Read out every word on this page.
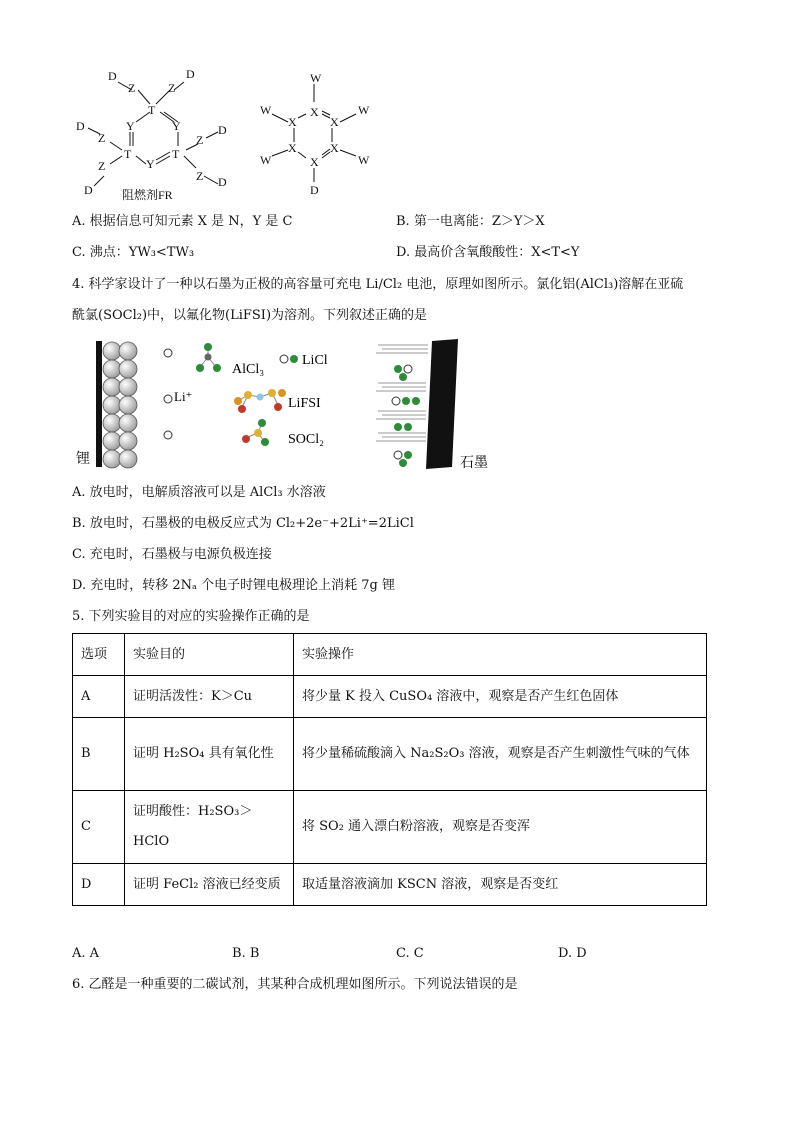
D
Z
D
Z
T
Y	Y
D
Z
T
Y
T
Z
D
Z
D
Z D
阻燃剂FR
W
X
X	X
X	X
X
W	W
W	W
D
A. 根据信息可知元素 X 是 N，Y 是 C	B. 第一电离能：Z＞Y＞X
C. 沸点：YW₃<TW₃	D. 最高价含氧酸酸性：X<T<Y
4. 科学家设计了一种以石墨为正极的高容量可充电 Li/Cl₂ 电池，原理如图所示。氯化铝(AlCl₃)溶解在亚硫
酰氯(SOCl₂)中，以氟化物(LiFSI)为溶剂。下列叙述正确的是
锂
Li⁺
AlCl₃
LiCl
LiFSI
SOCl₂
石墨
A. 放电时，电解质溶液可以是 AlCl₃ 水溶液
B. 放电时，石墨极的电极反应式为 Cl₂+2e⁻+2Li⁺=2LiCl
C. 充电时，石墨极与电源负极连接
D. 充电时，转移 2Nₐ 个电子时锂电极理论上消耗 7g 锂
5. 下列实验目的对应的实验操作正确的是
选项	实验目的	实验操作
A	证明活泼性：K＞Cu	将少量 K 投入 CuSO₄ 溶液中，观察是否产生红色固体
B	证明 H₂SO₄ 具有氧化性	将少量稀硫酸滴入 Na₂S₂O₃ 溶液，观察是否产生刺激性气味的气体
C	证明酸性：H₂SO₃＞HClO	将 SO₂ 通入漂白粉溶液，观察是否变浑
D	证明 FeCl₂ 溶液已经变质	取适量溶液滴加 KSCN 溶液，观察是否变红
A. A	B. B	C. C	D. D
6. 乙醛是一种重要的二碳试剂，其某种合成机理如图所示。下列说法错误的是
